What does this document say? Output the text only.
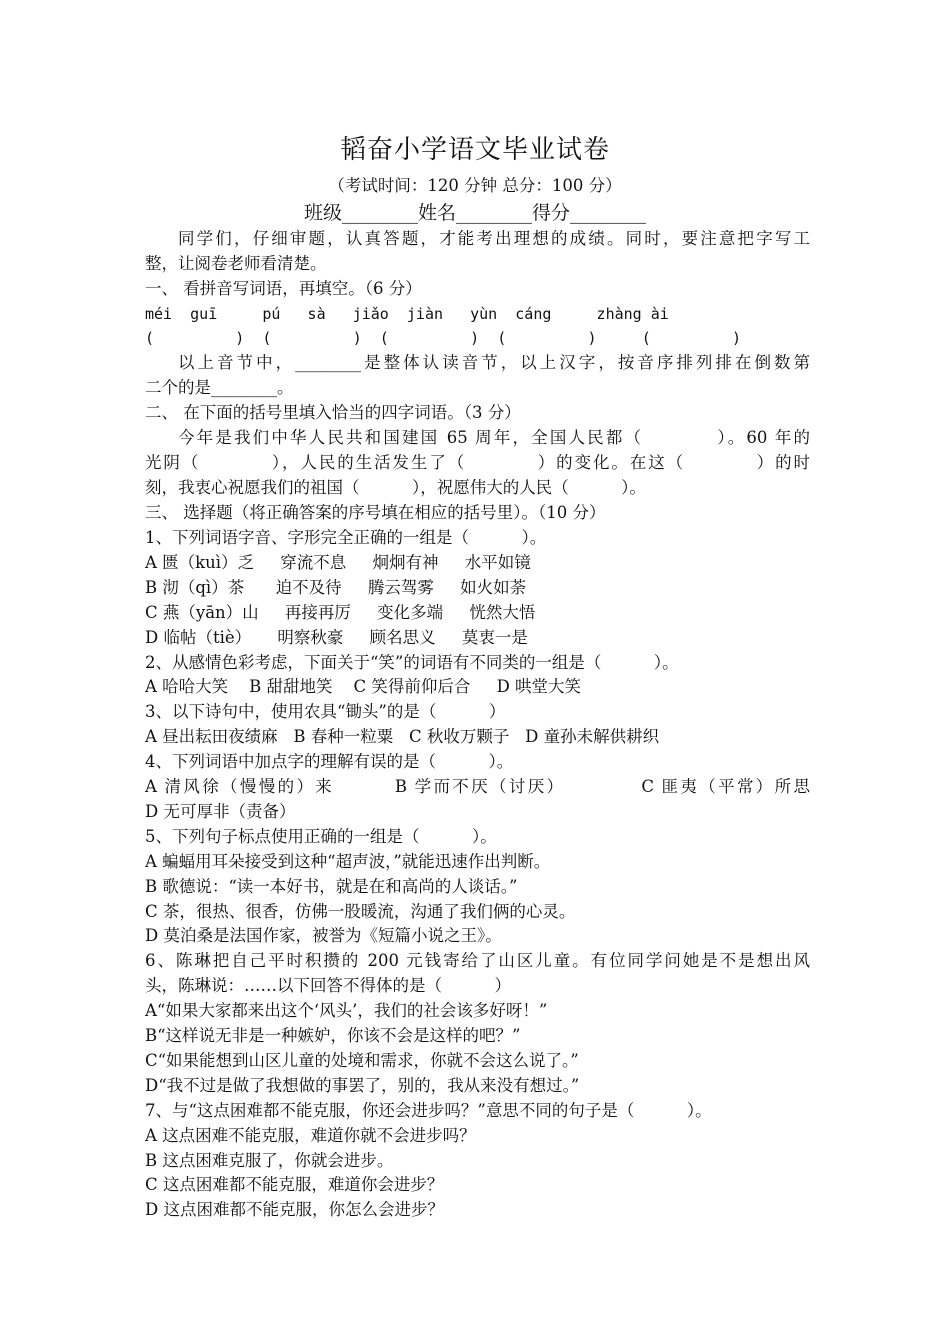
韬奋小学语文毕业试卷
（考试时间：120 分钟 总分：100 分）
班级________姓名________得分________
同学们，仔细审题，认真答题，才能考出理想的成绩。同时，要注意把字写工
整，让阅卷老师看清楚。
一、 看拼音写词语，再填空。（6 分）
méi  guī     pú   sà   jiǎo  jiàn   yùn  cáng     zhàng ài
(         )  (         )  (         )  (         )     (         )
以上音节中，________是整体认读音节，以上汉字，按音序排列排在倒数第
二个的是________。
二、 在下面的括号里填入恰当的四字词语。（3 分）
今年是我们中华人民共和国建国 65 周年，全国人民都（          ）。60 年的
光阴（          ），人民的生活发生了（          ）的变化。在这（          ）的时
刻，我衷心祝愿我们的祖国（          ），祝愿伟大的人民（          ）。
三、 选择题（将正确答案的序号填在相应的括号里）。（10 分）
1、下列词语字音、字形完全正确的一组是（          ）。
A 匮（kuì）乏     穿流不息     炯炯有神     水平如镜
B 沏（qì）茶      迫不及待     腾云驾雾     如火如荼
C 燕（yān）山     再接再厉     变化多端     恍然大悟
D 临帖（tiè）     明察秋豪     顾名思义     莫衷一是
2、从感情色彩考虑，下面关于“笑”的词语有不同类的一组是（          ）。
A 哈哈大笑    B 甜甜地笑    C 笑得前仰后合     D 哄堂大笑
3、以下诗句中，使用农具“锄头”的是（          ）
A 昼出耘田夜绩麻   B 春种一粒粟   C 秋收万颗子   D 童孙未解供耕织
4、下列词语中加点字的理解有误的是（          ）。
A 清风徐（慢慢的）来        B 学而不厌（讨厌）          C 匪夷（平常）所思
D 无可厚非（责备）
5、下列句子标点使用正确的一组是（          ）。
A 蝙蝠用耳朵接受到这种“超声波，”就能迅速作出判断。
B 歌德说：“读一本好书，就是在和高尚的人谈话。”
C 茶，很热、很香，仿佛一股暖流，沟通了我们俩的心灵。
D 莫泊桑是法国作家，被誉为《短篇小说之王》。
6、陈琳把自己平时积攒的 200 元钱寄给了山区儿童。有位同学问她是不是想出风
头，陈琳说：……以下回答不得体的是（          ）
A“如果大家都来出这个‘风头’，我们的社会该多好呀！”
B“这样说无非是一种嫉妒，你该不会是这样的吧？”
C“如果能想到山区儿童的处境和需求，你就不会这么说了。”
D“我不过是做了我想做的事罢了，别的，我从来没有想过。”
7、与“这点困难都不能克服，你还会进步吗？”意思不同的句子是（          ）。
A 这点困难不能克服，难道你就不会进步吗？
B 这点困难克服了，你就会进步。
C 这点困难都不能克服，难道你会进步？
D 这点困难都不能克服，你怎么会进步？
